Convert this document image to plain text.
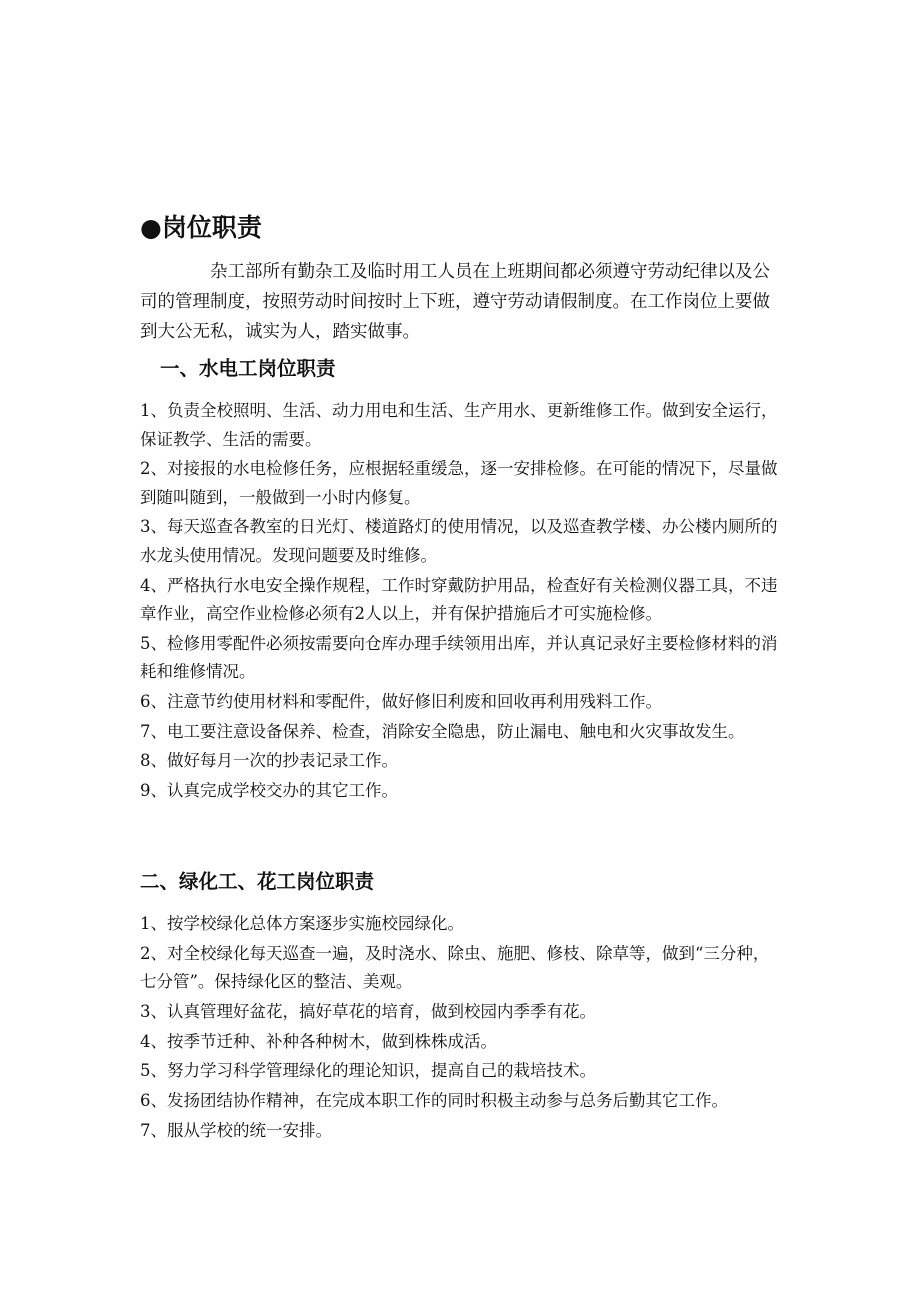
●岗位职责

杂工部所有勤杂工及临时用工人员在上班期间都必须遵守劳动纪律以及公司的管理制度，按照劳动时间按时上下班，遵守劳动请假制度。在工作岗位上要做到大公无私，诚实为人，踏实做事。

一、水电工岗位职责
1、负责全校照明、生活、动力用电和生活、生产用水、更新维修工作。做到安全运行，保证教学、生活的需要。
2、对接报的水电检修任务，应根据轻重缓急，逐一安排检修。在可能的情况下，尽量做到随叫随到，一般做到一小时内修复。
3、每天巡查各教室的日光灯、楼道路灯的使用情况，以及巡查教学楼、办公楼内厕所的水龙头使用情况。发现问题要及时维修。
4、严格执行水电安全操作规程，工作时穿戴防护用品，检查好有关检测仪器工具，不违章作业，高空作业检修必须有2人以上，并有保护措施后才可实施检修。
5、检修用零配件必须按需要向仓库办理手续领用出库，并认真记录好主要检修材料的消耗和维修情况。
6、注意节约使用材料和零配件，做好修旧利废和回收再利用残料工作。
7、电工要注意设备保养、检查，消除安全隐患，防止漏电、触电和火灾事故发生。
8、做好每月一次的抄表记录工作。
9、认真完成学校交办的其它工作。
二、绿化工、花工岗位职责
1、按学校绿化总体方案逐步实施校园绿化。
2、对全校绿化每天巡查一遍，及时浇水、除虫、施肥、修枝、除草等，做到“三分种，七分管”。保持绿化区的整洁、美观。
3、认真管理好盆花，搞好草花的培育，做到校园内季季有花。
4、按季节迁种、补种各种树木，做到株株成活。
5、努力学习科学管理绿化的理论知识，提高自己的栽培技术。
6、发扬团结协作精神，在完成本职工作的同时积极主动参与总务后勤其它工作。
7、服从学校的统一安排。
